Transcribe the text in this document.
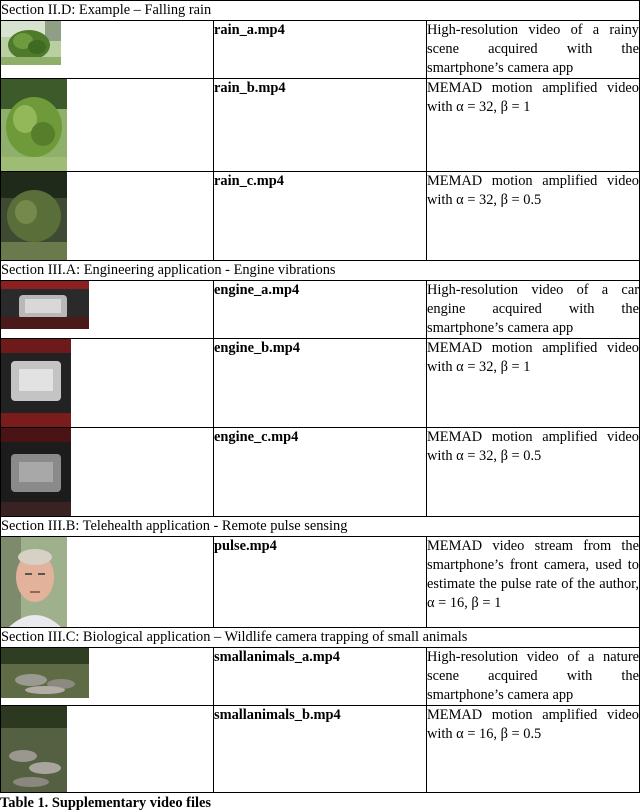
Section II.D: Example – Falling rain		

	rain_a.mp4	High-resolution video of a rainy scene acquired with the smartphone’s camera app

	rain_b.mp4	MEMAD motion amplified video with α = 32, β = 1

	rain_c.mp4	MEMAD motion amplified video with α = 32, β = 0.5
Section III.A: Engineering application - Engine vibrations		

	engine_a.mp4	High-resolution video of a car engine acquired with the smartphone’s camera app

	engine_b.mp4	MEMAD motion amplified video with α = 32, β = 1

	engine_c.mp4	MEMAD motion amplified video with α = 32, β = 0.5
Section III.B: Telehealth application - Remote pulse sensing		

	pulse.mp4	MEMAD video stream from the smartphone’s front camera, used to estimate the pulse rate of the author, α = 16, β = 1
Section III.C: Biological application – Wildlife camera trapping of small animals		

	smallanimals_a.mp4	High-resolution video of a nature scene acquired with the smartphone’s camera app

	smallanimals_b.mp4	MEMAD motion amplified video with α = 16, β = 0.5
Table 1. Supplementary video files
